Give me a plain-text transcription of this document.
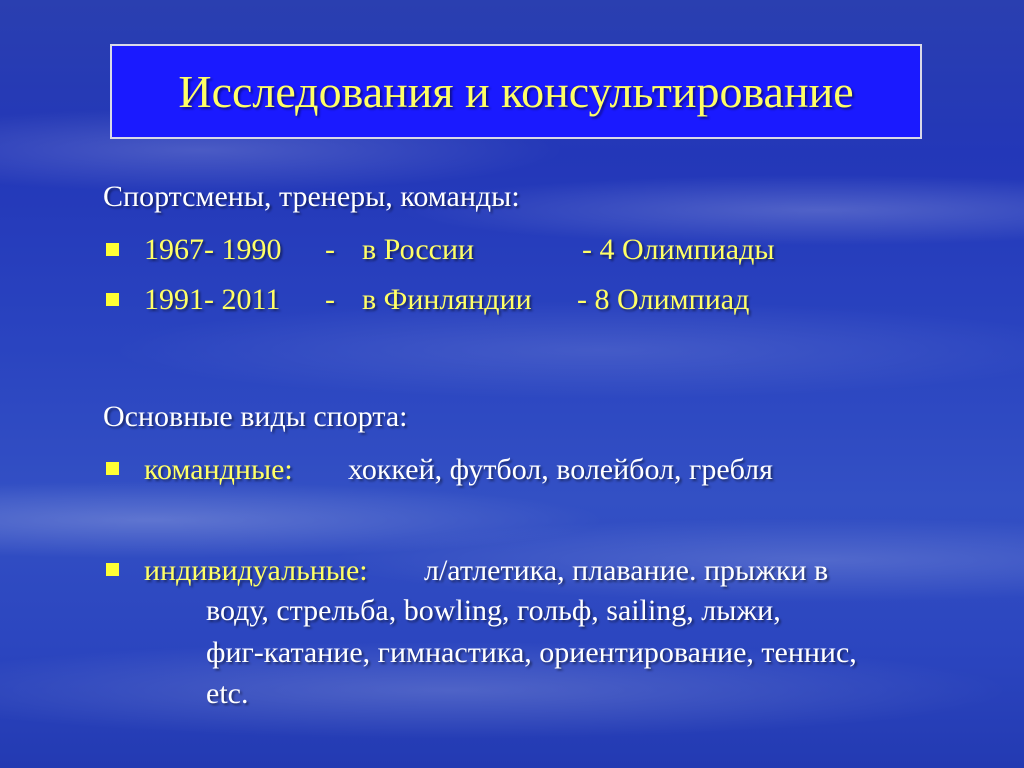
Исследования и консультирование
Спортсмены, тренеры, команды:
1967- 1990 - в России	- 4 Олимпиады
1991- 2011 - в Финляндии - 8 Олимпиад
Основные виды спорта:
командные: хоккей, футбол, волейбол, гребля
индивидуальные: л/атлетика, плавание. прыжки в
воду, стрельба, bowling, гольф, sailing, лыжи,
фиг-катание, гимнастика, ориентирование, теннис,
etc.
